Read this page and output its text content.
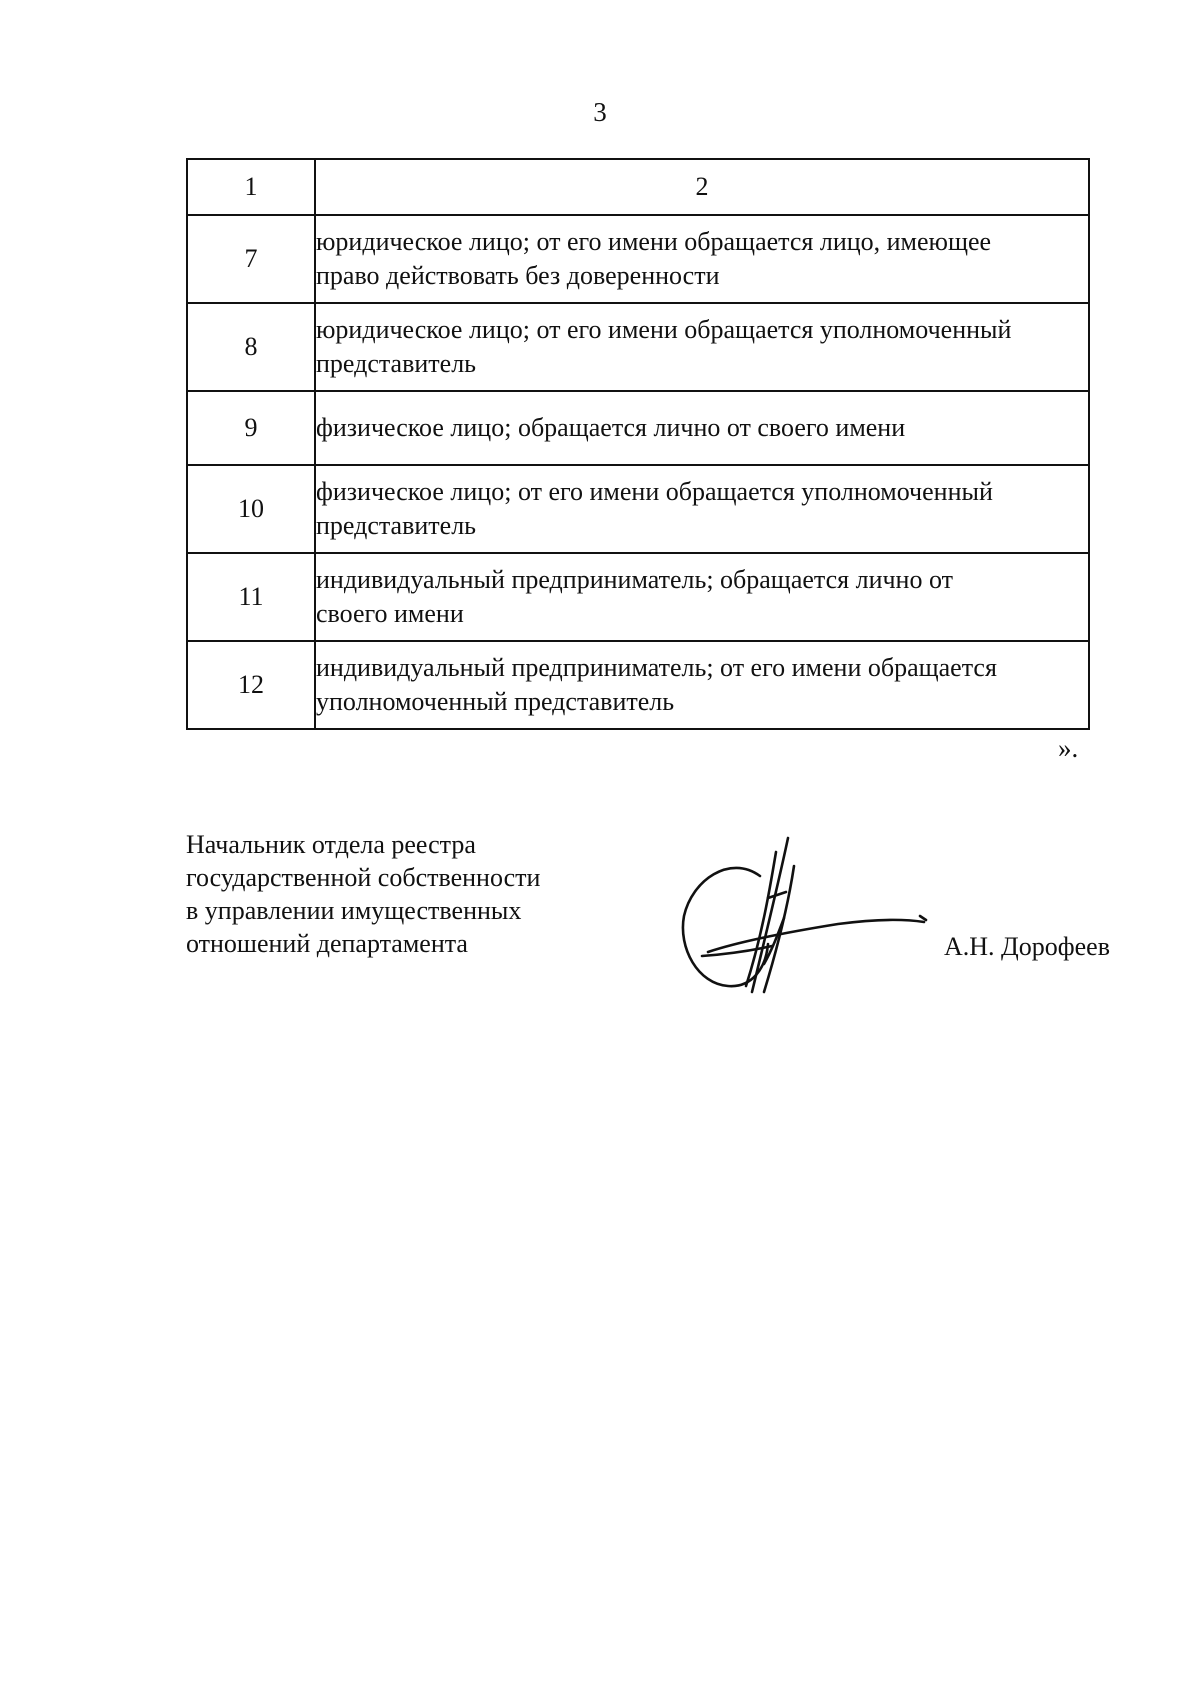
3
1	2
7	юридическое лицо; от его имени обращается лицо, имеющее
право действовать без доверенности

8	юридическое лицо; от его имени обращается уполномоченный
представитель

9	физическое лицо; обращается лично от своего имени

10	физическое лицо; от его имени обращается уполномоченный
представитель

11	индивидуальный предприниматель; обращается лично от
своего имени

12	индивидуальный предприниматель; от его имени обращается
уполномоченный представитель
».
Начальник отдела реестра
государственной собственности
в управлении имущественных
отношений департамента	А.Н. Дорофеев
